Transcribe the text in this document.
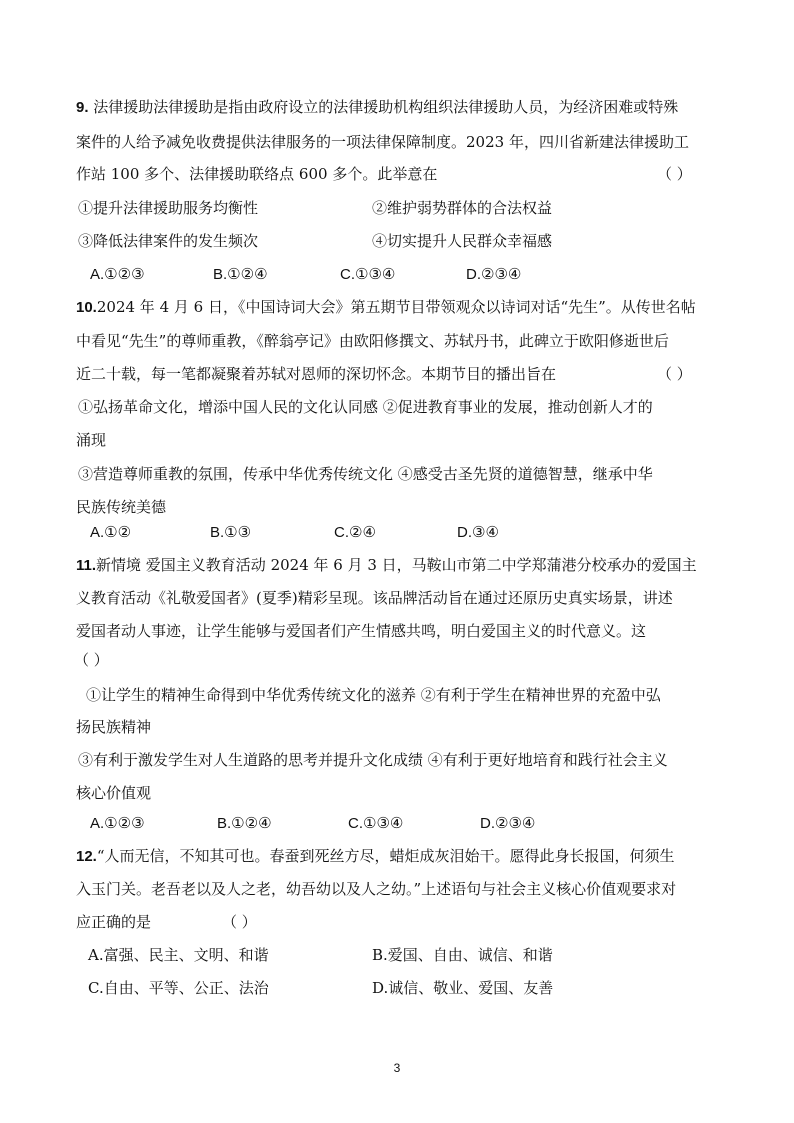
9. 法律援助法律援助是指由政府设立的法律援助机构组织法律援助人员，为经济困难或特殊
案件的人给予减免收费提供法律服务的一项法律保障制度。2023 年，四川省新建法律援助工
作站 100 多个、法律援助联络点 600 多个。此举意在	（ ）
①提升法律援助服务均衡性	②维护弱势群体的合法权益
③降低法律案件的发生频次	④切实提升人民群众幸福感
A.①②③	B.①②④	C.①③④	D.②③④
10.2024 年 4 月 6 日，《中国诗词大会》第五期节目带领观众以诗词对话“先生”。从传世名帖
中看见“先生”的尊师重教，《醉翁亭记》由欧阳修撰文、苏轼丹书，此碑立于欧阳修逝世后
近二十载，每一笔都凝聚着苏轼对恩师的深切怀念。本期节目的播出旨在	（ ）
①弘扬革命文化，增添中国人民的文化认同感 ②促进教育事业的发展，推动创新人才的
涌现
③营造尊师重教的氛围，传承中华优秀传统文化 ④感受古圣先贤的道德智慧，继承中华
民族传统美德
A.①②	B.①③	C.②④	D.③④
11.新情境 爱国主义教育活动 2024 年 6 月 3 日，马鞍山市第二中学郑蒲港分校承办的爱国主
义教育活动《礼敬爱国者》(夏季)精彩呈现。该品牌活动旨在通过还原历史真实场景，讲述
爱国者动人事迹，让学生能够与爱国者们产生情感共鸣，明白爱国主义的时代意义。这
（ ）
①让学生的精神生命得到中华优秀传统文化的滋养 ②有利于学生在精神世界的充盈中弘
扬民族精神
③有利于激发学生对人生道路的思考并提升文化成绩 ④有利于更好地培育和践行社会主义
核心价值观
A.①②③	B.①②④	C.①③④	D.②③④
12.“人而无信，不知其可也。春蚕到死丝方尽，蜡炬成灰泪始干。愿得此身长报国，何须生
入玉门关。老吾老以及人之老，幼吾幼以及人之幼。”上述语句与社会主义核心价值观要求对
应正确的是	（ ）
A.富强、民主、文明、和谐	B.爱国、自由、诚信、和谐
C.自由、平等、公正、法治	D.诚信、敬业、爱国、友善
3
